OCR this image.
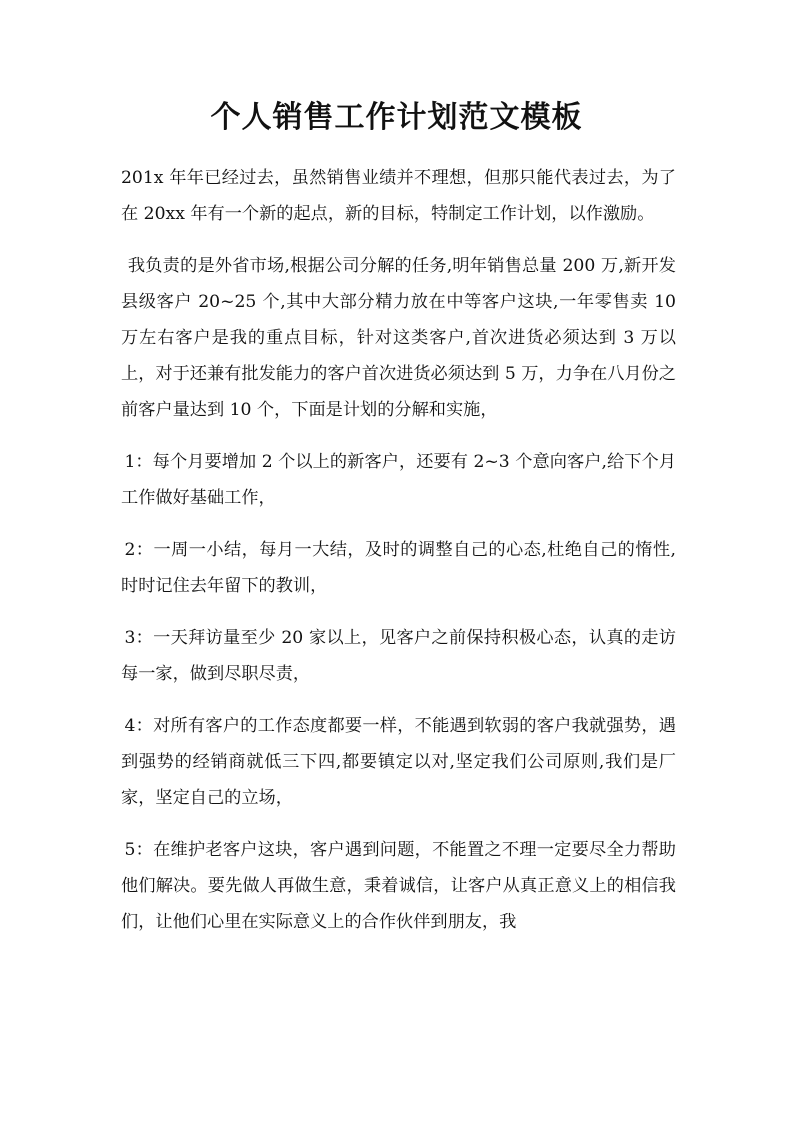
个人销售工作计划范文模板

201x 年年已经过去，虽然销售业绩并不理想，但那只能代表过去，为了在 20xx 年有一个新的起点，新的目标，特制定工作计划，以作激励。

我负责的是外省市场,根据公司分解的任务,明年销售总量 200 万,新开发县级客户 20~25 个,其中大部分精力放在中等客户这块,一年零售卖 10 万左右客户是我的重点目标，针对这类客户,首次进货必须达到 3 万以上，对于还兼有批发能力的客户首次进货必须达到 5 万，力争在八月份之前客户量达到 10 个，下面是计划的分解和实施，

1：每个月要增加 2 个以上的新客户，还要有 2~3 个意向客户,给下个月工作做好基础工作，

2：一周一小结，每月一大结，及时的调整自己的心态,杜绝自己的惰性,时时记住去年留下的教训，

3：一天拜访量至少 20 家以上，见客户之前保持积极心态，认真的走访每一家，做到尽职尽责，

4：对所有客户的工作态度都要一样，不能遇到软弱的客户我就强势，遇到强势的经销商就低三下四,都要镇定以对,坚定我们公司原则,我们是厂家，坚定自己的立场，

5：在维护老客户这块，客户遇到问题，不能置之不理一定要尽全力帮助他们解决。要先做人再做生意，秉着诚信，让客户从真正意义上的相信我们，让他们心里在实际意义上的合作伙伴到朋友，我
